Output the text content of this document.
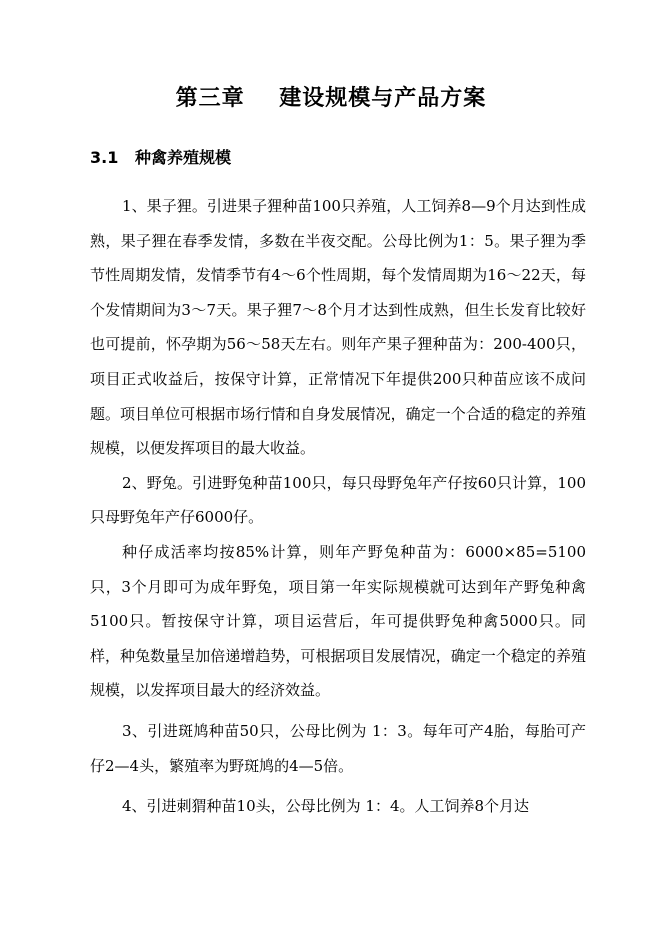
第三章    建设规模与产品方案
3.1   种禽养殖规模

1、果子狸。引进果子狸种苗100只养殖，人工饲养8—9个月达到性成熟，果子狸在春季发情，多数在半夜交配。公母比例为1：5。果子狸为季节性周期发情，发情季节有4～6个性周期，每个发情周期为16～22天，每个发情期间为3～7天。果子狸7～8个月才达到性成熟，但生长发育比较好也可提前，怀孕期为56～58天左右。则年产果子狸种苗为：200-400只，项目正式收益后，按保守计算，正常情况下年提供200只种苗应该不成问题。项目单位可根据市场行情和自身发展情况，确定一个合适的稳定的养殖规模，以便发挥项目的最大收益。

2、野兔。引进野兔种苗100只，每只母野兔年产仔按60只计算，100只母野兔年产仔6000仔。

种仔成活率均按85%计算，则年产野兔种苗为：6000×85=5100只，3个月即可为成年野兔，项目第一年实际规模就可达到年产野兔种禽5100只。暂按保守计算，项目运营后，年可提供野兔种禽5000只。同样，种兔数量呈加倍递增趋势，可根据项目发展情况，确定一个稳定的养殖规模，以发挥项目最大的经济效益。

3、引进斑鸠种苗50只，公母比例为 1：3。每年可产4胎，每胎可产仔2—4头，繁殖率为野斑鸠的4—5倍。

4、引进刺猬种苗10头，公母比例为 1：4。人工饲养8个月达
